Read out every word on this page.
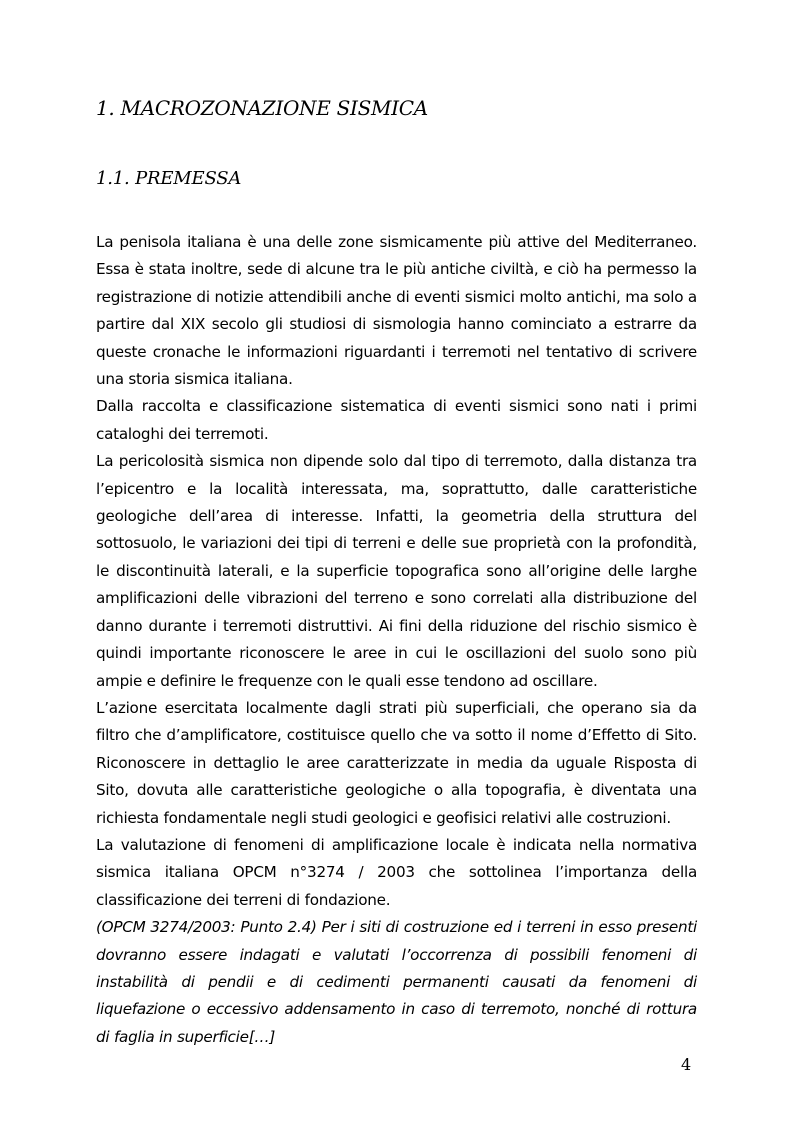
1. MACROZONAZIONE SISMICA
1.1. PREMESSA

La penisola italiana è una delle zone sismicamente più attive del Mediterraneo. Essa è stata inoltre, sede di alcune tra le più antiche civiltà, e ciò ha permesso la registrazione di notizie attendibili anche di eventi sismici molto antichi, ma solo a partire dal XIX secolo gli studiosi di sismologia hanno cominciato a estrarre da queste cronache le informazioni riguardanti i terremoti nel tentativo di scrivere una storia sismica italiana.

Dalla raccolta e classificazione sistematica di eventi sismici sono nati i primi cataloghi dei terremoti.

La pericolosità sismica non dipende solo dal tipo di terremoto, dalla distanza tra l’epicentro e la località interessata, ma, soprattutto, dalle caratteristiche geologiche dell’area di interesse. Infatti, la geometria della struttura del sottosuolo, le variazioni dei tipi di terreni e delle sue proprietà con la profondità, le discontinuità laterali, e la superficie topografica sono all’origine delle larghe amplificazioni delle vibrazioni del terreno e sono correlati alla distribuzione del danno durante i terremoti distruttivi. Ai fini della riduzione del rischio sismico è quindi importante riconoscere le aree in cui le oscillazioni del suolo sono più ampie e definire le frequenze con le quali esse tendono ad oscillare.

L’azione esercitata localmente dagli strati più superficiali, che operano sia da filtro che d’amplificatore, costituisce quello che va sotto il nome d’Effetto di Sito. Riconoscere in dettaglio le aree caratterizzate in media da uguale Risposta di Sito, dovuta alle caratteristiche geologiche o alla topografia, è diventata una richiesta fondamentale negli studi geologici e geofisici relativi alle costruzioni.

La valutazione di fenomeni di amplificazione locale è indicata nella normativa sismica italiana OPCM n°3274 / 2003 che sottolinea l’importanza della classificazione dei terreni di fondazione.

(OPCM 3274/2003: Punto 2.4) Per i siti di costruzione ed i terreni in esso presenti dovranno essere indagati e valutati l’occorrenza di possibili fenomeni di instabilità di pendii e di cedimenti permanenti causati da fenomeni di liquefazione o eccessivo addensamento in caso di terremoto, nonché di rottura di faglia in superficie[…]

4
